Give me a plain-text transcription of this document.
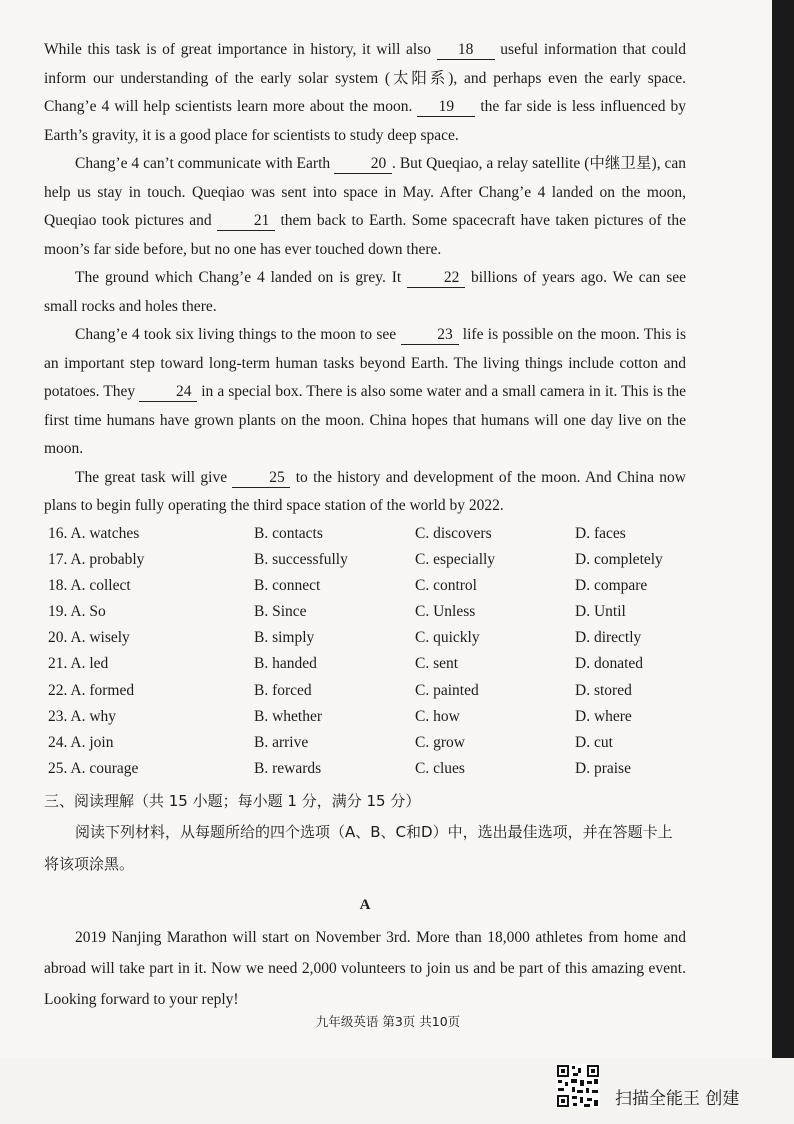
While this task is of great importance in history, it will also 18 useful information that could inform our understanding of the early solar system (太阳系), and perhaps even the early space. Chang’e 4 will help scientists learn more about the moon. 19 the far side is less influenced by Earth’s gravity, it is a good place for scientists to study deep space.

Chang’e 4 can’t communicate with Earth 20 . But Queqiao, a relay satellite (中继卫星), can help us stay in touch. Queqiao was sent into space in May. After Chang’e 4 landed on the moon, Queqiao took pictures and 21 them back to Earth. Some spacecraft have taken pictures of the moon’s far side before, but no one has ever touched down there.

The ground which Chang’e 4 landed on is grey. It 22 billions of years ago. We can see small rocks and holes there.

Chang’e 4 took six living things to the moon to see 23 life is possible on the moon. This is an important step toward long-term human tasks beyond Earth. The living things include cotton and potatoes. They 24 in a special box. There is also some water and a small camera in it. This is the first time humans have grown plants on the moon. China hopes that humans will one day live on the moon.

The great task will give 25 to the history and development of the moon. And China now plans to begin fully operating the third space station of the world by 2022.

16. A. watches	B. contacts	C. discovers	D. faces
17. A. probably	B. successfully	C. especially	D. completely
18. A. collect	B. connect	C. control	D. compare
19. A. So	B. Since	C. Unless	D. Until
20. A. wisely	B. simply	C. quickly	D. directly
21. A. led	B. handed	C. sent	D. donated
22. A. formed	B. forced	C. painted	D. stored
23. A. why	B. whether	C. how	D. where
24. A. join	B. arrive	C. grow	D. cut
25. A. courage	B. rewards	C. clues	D. praise
三、阅读理解（共 15 小题；每小题 1 分，满分 15 分）

阅读下列材料，从每题所给的四个选项（A、B、C和D）中，选出最佳选项，并在答题卡上将该项涂黑。

A

2019 Nanjing Marathon will start on November 3rd. More than 18,000 athletes from home and abroad will take part in it. Now we need 2,000 volunteers to join us and be part of this amazing event. Looking forward to your reply!

九年级英语 第3页 共10页
扫描全能王 创建
